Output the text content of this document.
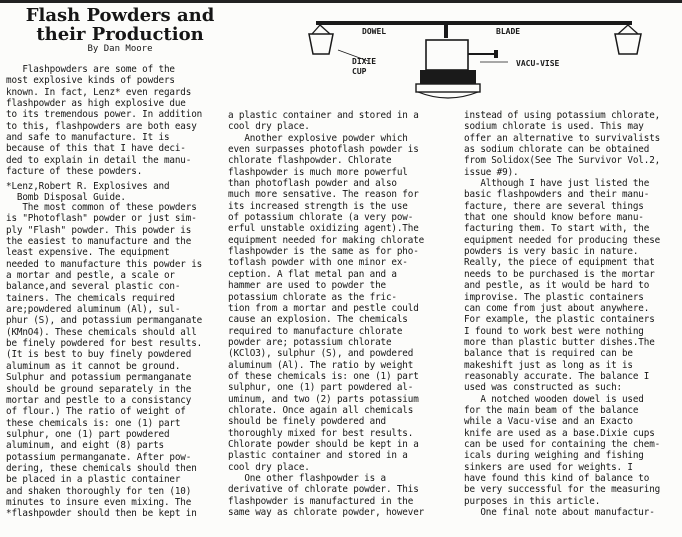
Flash Powders and their Production
By Dan Moore
Flashpowders are some of the
most explosive kinds of powders
known. In fact, Lenz* even regards
flashpowder as high explosive due
to its tremendous power. In addition
to this, flashpowders are both easy
and safe to manufacture. It is
because of this that I have deci-
ded to explain in detail the manu-
facture of these powders.
*Lenz,Robert R. Explosives and
Bomb Disposal Guide.
The most common of these powders
is "Photoflash" powder or just sim-
ply "Flash" powder. This powder is
the easiest to manufacture and the
least expensive. The equipment
needed to manufacture this powder is
a mortar and pestle, a scale or
balance,and several plastic con-
tainers. The chemicals required
are;powdered aluminum (Al), sul-
phur (S), and potassium permanganate
(KMnO4). These chemicals should all
be finely powdered for best results.
(It is best to buy finely powdered
aluminum as it cannot be ground.
Sulphur and potassium permanganate
should be ground separately in the
mortar and pestle to a consistancy
of flour.) The ratio of weight of
these chemicals is: one (1) part
sulphur, one (1) part powdered
aluminum, and eight (8) parts
potassium permanganate. After pow-
dering, these chemicals should then
be placed in a plastic container
and shaken thoroughly for ten (10)
minutes to insure even mixing. The
*flashpowder should then be kept in
a plastic container and stored in a
cool dry place.
Another explosive powder which
even surpasses photoflash powder is
chlorate flashpowder. Chlorate
flashpowder is much more powerful
than photoflash powder and also
much more sensative. The reason for
its increased strength is the use
of potassium chlorate (a very pow-
erful unstable oxidizing agent).The
equipment needed for making chlorate
flashpowder is the same as for pho-
toflash powder with one minor ex-
ception. A flat metal pan and a
hammer are used to powder the
potassium chlorate as the fric-
tion from a mortar and pestle could
cause an explosion. The chemicals
required to manufacture chlorate
powder are; potassium chlorate
(KClO3), sulphur (S), and powdered
aluminum (Al). The ratio by weight
of these chemicals is: one (1) part
sulphur, one (1) part powdered al-
uminum, and two (2) parts potassium
chlorate. Once again all chemicals
should be finely powdered and
thoroughly mixed for best results.
Chlorate powder should be kept in a
plastic container and stored in a
cool dry place.
One other flashpowder is a
derivative of chlorate powder. This
flashpowder is manufactured in the
same way as chlorate powder, however
instead of using potassium chlorate,
sodium chlorate is used. This may
offer an alternative to survivalists
as sodium chlorate can be obtained
from Solidox(See The Survivor Vol.2,
issue #9).
Although I have just listed the
basic flashpowders and their manu-
facture, there are several things
that one should know before manu-
facturing them. To start with, the
equipment needed for producing these
powders is very basic in nature.
Really, the piece of equipment that
needs to be purchased is the mortar
and pestle, as it would be hard to
improvise. The plastic containers
can come from just about anywhere.
For example, the plastic containers
I found to work best were nothing
more than plastic butter dishes.The
balance that is required can be
makeshift just as long as it is
reasonably accurate. The balance I
used was constructed as such:
A notched wooden dowel is used
for the main beam of the balance
while a Vacu-vise and an Exacto
knife are used as a base.Dixie cups
can be used for containing the chem-
icals during weighing and fishing
sinkers are used for weights. I
have found this kind of balance to
be very successful for the measuring
purposes in this article.
One final note about manufactur-
DOWEL	BLADE
VACU-VISE
DIXIE
CUP
